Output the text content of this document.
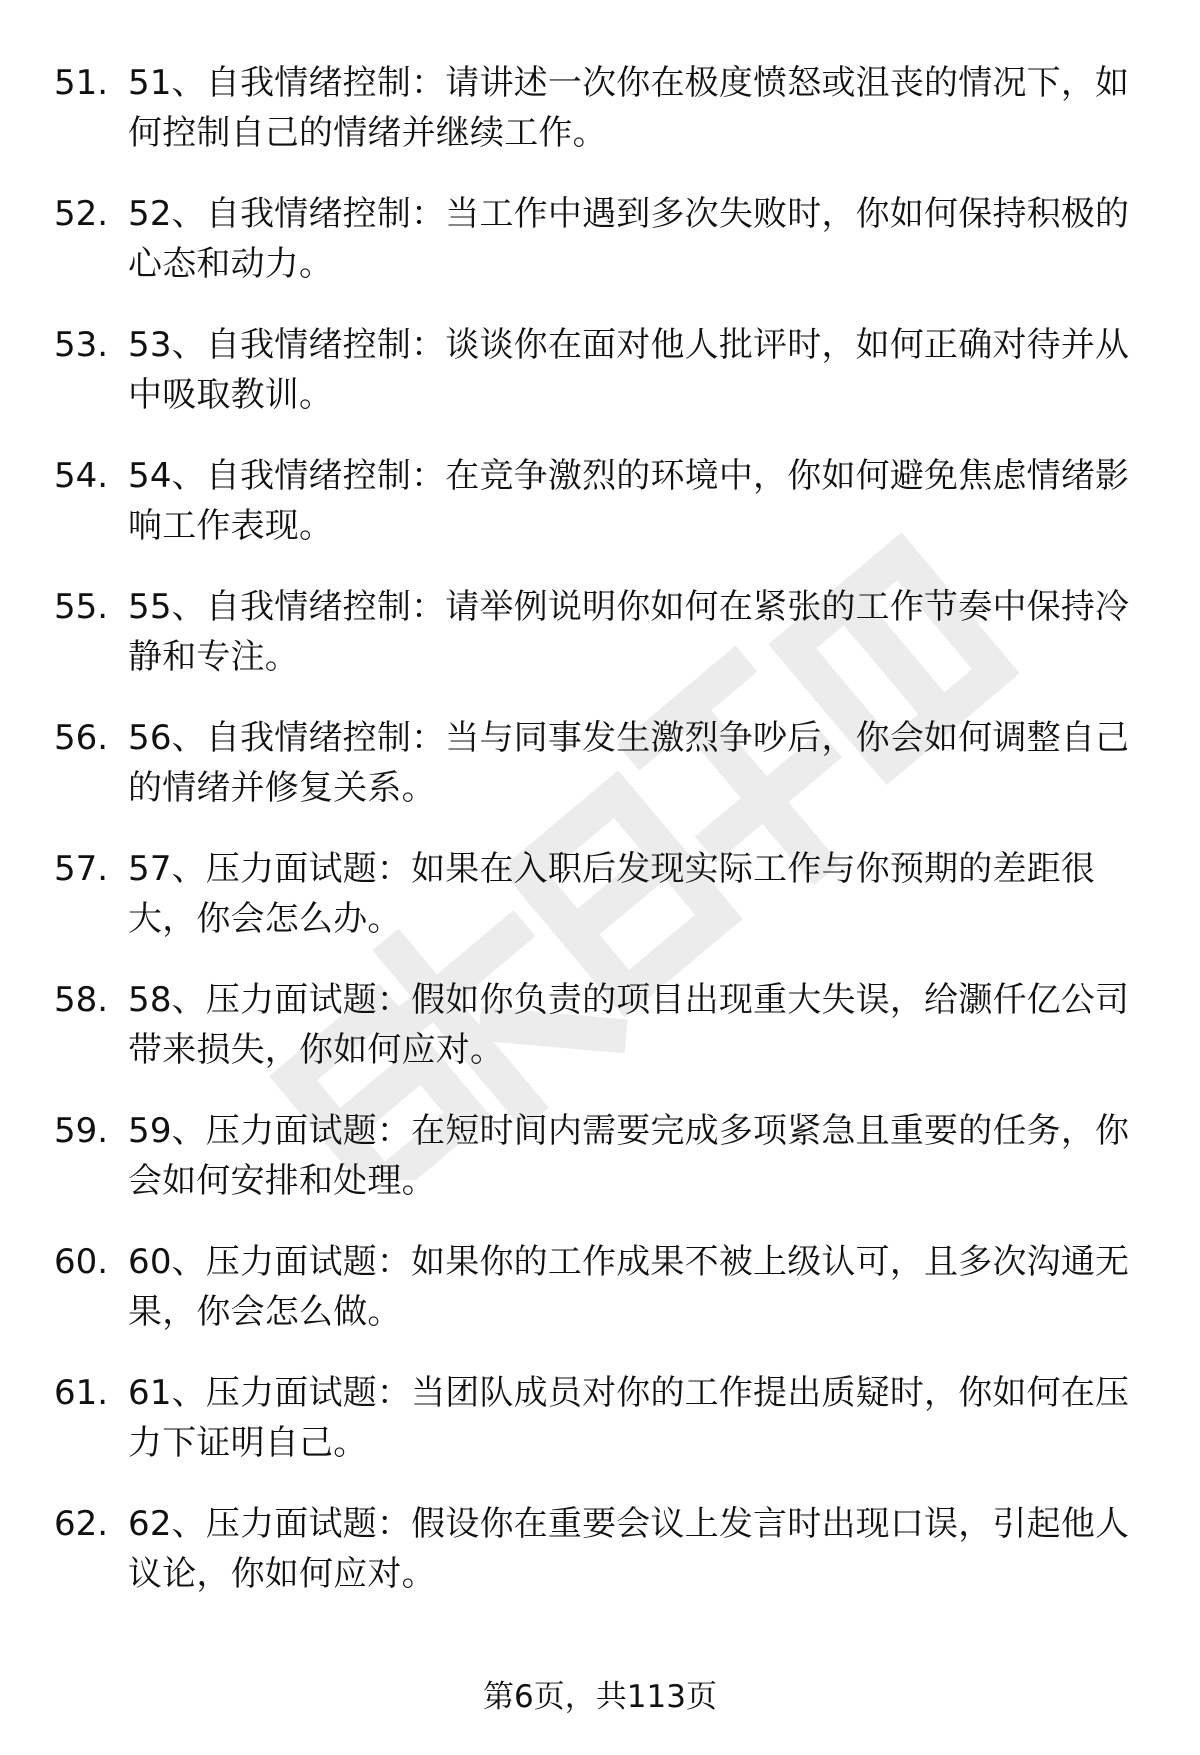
51. 51、自我情绪控制：请讲述一次你在极度愤怒或沮丧的情况下，如何控制自己的情绪并继续工作。
52. 52、自我情绪控制：当工作中遇到多次失败时，你如何保持积极的心态和动力。
53. 53、自我情绪控制：谈谈你在面对他人批评时，如何正确对待并从中吸取教训。
54. 54、自我情绪控制：在竞争激烈的环境中，你如何避免焦虑情绪影响工作表现。
55. 55、自我情绪控制：请举例说明你如何在紧张的工作节奏中保持冷静和专注。
56. 56、自我情绪控制：当与同事发生激烈争吵后，你会如何调整自己的情绪并修复关系。
57. 57、压力面试题：如果在入职后发现实际工作与你预期的差距很大，你会怎么办。
58. 58、压力面试题：假如你负责的项目出现重大失误，给灏仟亿公司带来损失，你如何应对。
59. 59、压力面试题：在短时间内需要完成多项紧急且重要的任务，你会如何安排和处理。
60. 60、压力面试题：如果你的工作成果不被上级认可，且多次沟通无果，你会怎么做。
61. 61、压力面试题：当团队成员对你的工作提出质疑时，你如何在压力下证明自己。
62. 62、压力面试题：假设你在重要会议上发言时出现口误，引起他人议论，你如何应对。
第6页，共113页
